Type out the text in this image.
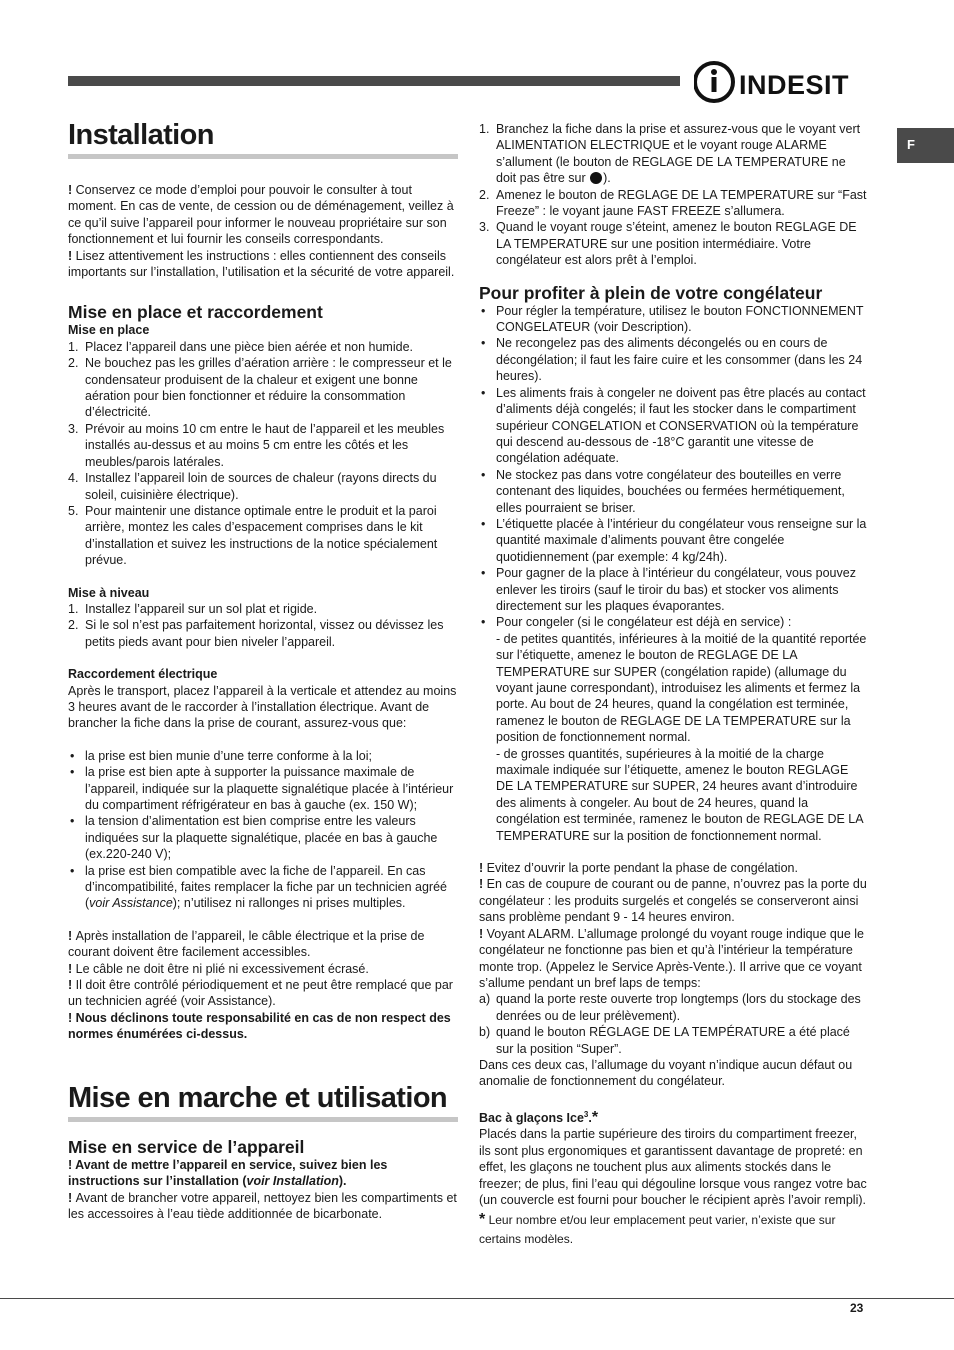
INDESIT
F
Installation

! Conservez ce mode d’emploi pour pouvoir le consulter à tout moment. En cas de vente, de cession ou de déménagement, veillez à ce qu’il suive l’appareil pour informer le nouveau propriétaire sur son fonctionnement et lui fournir les conseils correspondants.

! Lisez attentivement les instructions : elles contiennent des conseils importants sur l’installation, l’utilisation et la sécurité de votre appareil.

Mise en place et raccordement
Mise en place
1. Placez l’appareil dans une pièce bien aérée et non humide.
2. Ne bouchez pas les grilles d’aération arrière : le compresseur et le condensateur produisent de la chaleur et exigent une bonne aération pour bien fonctionner et réduire la consommation d’électricité.
3. Prévoir au moins 10 cm entre le haut de l’appareil et les meubles installés au-dessus et au moins 5 cm entre les côtés et les meubles/parois latérales.
4. Installez l’appareil loin de sources de chaleur (rayons directs du soleil, cuisinière électrique).
5. Pour maintenir une distance optimale entre le produit et la paroi arrière, montez les cales d’espacement comprises dans le kit d’installation et suivez les instructions de la notice spécialement prévue.
Mise à niveau
1. Installez l’appareil sur un sol plat et rigide.
2. Si le sol n’est pas parfaitement horizontal, vissez ou dévissez les petits pieds avant pour bien niveler l’appareil.
Raccordement électrique

Après le transport, placez l’appareil à la verticale et attendez au moins 3 heures avant de le raccorder à l’installation électrique. Avant de brancher la fiche dans la prise de courant, assurez-vous que:

• la prise est bien munie d’une terre conforme à la loi;
• la prise est bien apte à supporter la puissance maximale de l’appareil, indiquée sur la plaquette signalétique placée à l’intérieur du compartiment réfrigérateur en bas à gauche (ex. 150 W);
• la tension d’alimentation est bien comprise entre les valeurs indiquées sur la plaquette signalétique, placée en bas à gauche (ex.220-240 V);
• la prise est bien compatible avec la fiche de l’appareil. En cas d’incompatibilité, faites remplacer la fiche par un technicien agréé (voir Assistance); n’utilisez ni rallonges ni prises multiples.

! Après installation de l’appareil, le câble électrique et la prise de courant doivent être facilement accessibles.

! Le câble ne doit être ni plié ni excessivement écrasé.

! Il doit être contrôlé périodiquement et ne peut être remplacé que par un technicien agréé (voir Assistance).

! Nous déclinons toute responsabilité en cas de non respect des normes énumérées ci-dessus.

Mise en marche et utilisation
Mise en service de l’appareil

! Avant de mettre l’appareil en service, suivez bien les instructions sur l’installation (voir Installation).

! Avant de brancher votre appareil, nettoyez bien les compartiments et les accessoires à l’eau tiède additionnée de bicarbonate.

1. Branchez la fiche dans la prise et assurez-vous que le voyant vert ALIMENTATION ELECTRIQUE et le voyant rouge ALARME s’allument (le bouton de REGLAGE DE LA TEMPERATURE ne doit pas être sur ).
2. Amenez le bouton de REGLAGE DE LA TEMPERATURE sur “Fast Freeze” : le voyant jaune FAST FREEZE s’allumera.
3. Quand le voyant rouge s’éteint, amenez le bouton REGLAGE DE LA TEMPERATURE sur une position intermédiaire. Votre congélateur est alors prêt à l’emploi.
Pour profiter à plein de votre congélateur
• Pour régler la température, utilisez le bouton FONCTIONNEMENT CONGELATEUR (voir Description).
• Ne recongelez pas des aliments décongelés ou en cours de décongélation; il faut les faire cuire et les consommer (dans les 24 heures).
• Les aliments frais à congeler ne doivent pas être placés au contact d’aliments déjà congelés; il faut les stocker dans le compartiment supérieur CONGELATION et CONSERVATION où la température qui descend au-dessous de -18°C garantit une vitesse de congélation adéquate.
• Ne stockez pas dans votre congélateur des bouteilles en verre contenant des liquides, bouchées ou fermées hermétiquement, elles pourraient se briser.
• L’étiquette placée à l’intérieur du congélateur vous renseigne sur la quantité maximale d’aliments pouvant être congelée quotidiennement (par exemple: 4 kg/24h).
• Pour gagner de la place à l’intérieur du congélateur, vous pouvez enlever les tiroirs (sauf le tiroir du bas) et stocker vos aliments directement sur les plaques évaporantes.
• Pour congeler (si le congélateur est déjà en service) :
- de petites quantités, inférieures à la moitié de la quantité reportée sur l’étiquette, amenez le bouton de REGLAGE DE LA TEMPERATURE sur SUPER (congélation rapide) (allumage du voyant jaune correspondant), introduisez les aliments et fermez la porte. Au bout de 24 heures, quand la congélation est terminée, ramenez le bouton de REGLAGE DE LA TEMPERATURE sur la position de fonctionnement normal.
- de grosses quantités, supérieures à la moitié de la charge maximale indiquée sur l’étiquette, amenez le bouton REGLAGE DE LA TEMPERATURE sur SUPER, 24 heures avant d’introduire des aliments à congeler. Au bout de 24 heures, quand la congélation est terminée, ramenez le bouton de REGLAGE DE LA TEMPERATURE sur la position de fonctionnement normal.

! Evitez d’ouvrir la porte pendant la phase de congélation.

! En cas de coupure de courant ou de panne, n’ouvrez pas la porte du congélateur : les produits surgelés et congelés se conserveront ainsi sans problème pendant 9 - 14 heures environ.

! Voyant ALARM. L’allumage prolongé du voyant rouge indique que le congélateur ne fonctionne pas bien et qu’à l’intérieur la température monte trop. (Appelez le Service Après-Vente.). Il arrive que ce voyant s’allume pendant un bref laps de temps:

a) quand la porte reste ouverte trop longtemps (lors du stockage des denrées ou de leur prélèvement).
b) quand le bouton RÉGLAGE DE LA TEMPÉRATURE a été placé sur la position “Super”.

Dans ces deux cas, l’allumage du voyant n’indique aucun défaut ou anomalie de fonctionnement du congélateur.

Bac à glaçons Ice$^3$.*

Placés dans la partie supérieure des tiroirs du compartiment freezer, ils sont plus ergonomiques et garantissent davantage de propreté: en effet, les glaçons ne touchent plus aux aliments stockés dans le freezer; de plus, fini l’eau qui dégouline lorsque vous rangez votre bac (un couvercle est fourni pour boucher le récipient après l’avoir rempli).

* Leur nombre et/ou leur emplacement peut varier, n’existe que sur certains modèles.

23
